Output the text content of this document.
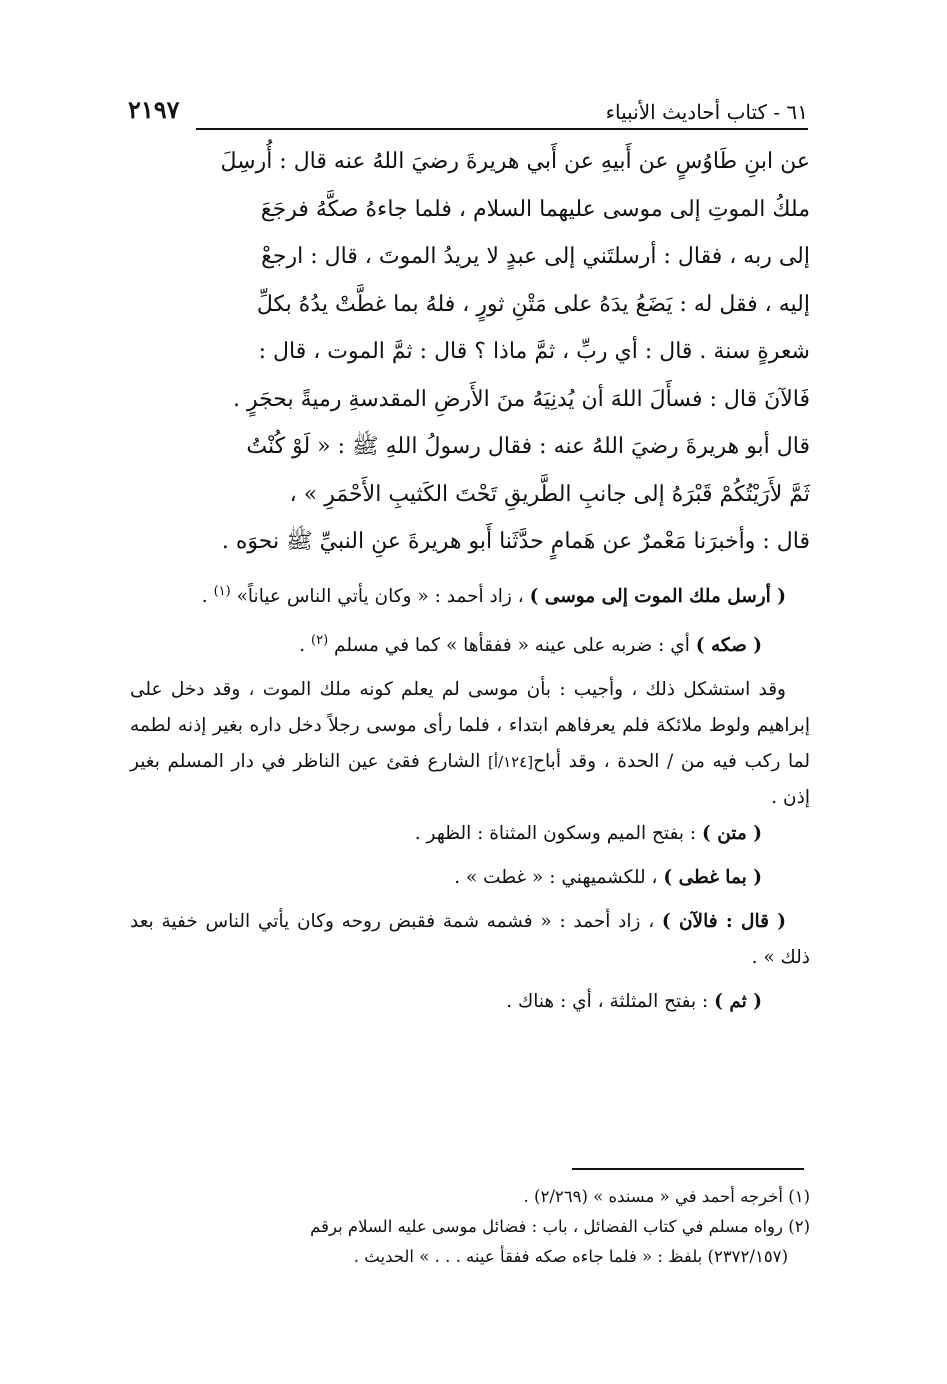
٢١٩٧	٦١ - كتاب أحاديث الأنبياء

عن ابنِ طَاوُسٍ عن أَبيهِ عن أَبي هريرةَ رضيَ اللهُ عنه قال : أُرسِلَ

ملكُ الموتِ إلى موسى عليهما السلام ، فلما جاءهُ صكَّهُ فرجَعَ

إلى ربه ، فقال : أرسلتَني إلى عبدٍ لا يريدُ الموتَ ، قال : ارجعْ

إليه ، فقل له : يَضَعُ يدَهُ على مَتْنِ ثورٍ ، فلهُ بما غطَّتْ يدُهُ بكلِّ

شعرةٍ سنة . قال : أي ربِّ ، ثمَّ ماذا ؟ قال : ثمَّ الموت ، قال :

فَالآنَ قال : فسأَلَ اللهَ أن يُدنِيَهُ منَ الأَرضِ المقدسةِ رميةً بحجَرٍ .

قال أبو هريرةَ رضيَ اللهُ عنه : فقال رسولُ اللهِ ﷺ : « لَوْ كُنْتُ

ثَمَّ لأَرَيْتُكُمْ قَبْرَهُ إلى جانبِ الطَّريقِ تَحْتَ الكَثيبِ الأَحْمَرِ » ،

قال : وأخبرَنا مَعْمرٌ عن هَمامٍ حدَّثَنا أَبو هريرةَ عنِ النبيِّ ﷺ نحوَه .

( أرسل ملك الموت إلى موسى ) ، زاد أحمد : « وكان يأتي الناس عياناً» $^{(١)}$ .

( صكه ) أي : ضربه على عينه « ففقأها » كما في مسلم $^{(٢)}$ .

وقد استشكل ذلك ، وأجيب : بأن موسى لم يعلم كونه ملك الموت ، وقد دخل على إبراهيم ولوط ملائكة فلم يعرفاهم ابتداء ، فلما رأى موسى رجلاً دخل داره بغير إذنه لطمه لما ركب فيه من / الحدة ، وقد أباح[١٢٤/أ] الشارع فقئ عين الناظر في دار المسلم بغير إذن .

( متن ) : بفتح الميم وسكون المثناة : الظهر .

( بما غطى ) ، للكشميهني : « غطت » .

( قال : فالآن ) ، زاد أحمد : « فشمه شمة فقبض روحه وكان يأتي الناس خفية بعد ذلك » .

( ثم ) : بفتح المثلثة ، أي : هناك .

(١) أخرجه أحمد في « مسنده » (٢/٢٦٩) .

(٢) رواه مسلم في كتاب الفضائل ، باب : فضائل موسى عليه السلام برقم

(٢٣٧٢/١٥٧) بلفظ : « فلما جاءه صكه ففقأ عينه . . . » الحديث .
